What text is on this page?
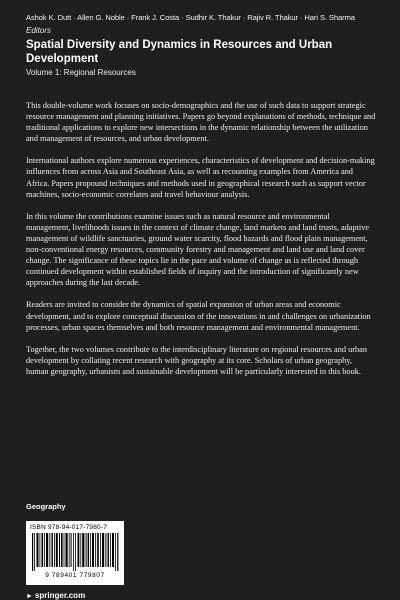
Ashok K. Dutt · Allen G. Noble · Frank J. Costa · Sudhir K. Thakur · Rajiv R. Thakur · Hari S. Sharma
Editors
Spatial Diversity and Dynamics in Resources and Urban Development
Volume 1: Regional Resources

This double-volume work focuses on socio-demographics and the use of such data to support strategic resource management and planning initiatives. Papers go beyond explanations of methods, technique and traditional applications to explore new intersections in the dynamic relationship between the utilization and management of resources, and urban development.

International authors explore numerous experiences, characteristics of development and decision-making influences from across Asia and Southeast Asia, as well as recounting examples from America and Africa. Papers propound techniques and methods used in geographical research such as support vector machines, socio-economic correlates and travel behaviour analysis.

In this volume the contributions examine issues such as natural resource and environmental management, livelihoods issues in the context of climate change, land markets and land trusts, adaptive management of wildlife sanctuaries, ground water scarcity, flood hazards and flood plain management, non-conventional energy resources, community forestry and management and land use and land cover change. The significance of these topics lie in the pace and volume of change as is reflected through continued development within established fields of inquiry and the introduction of significantly new approaches during the last decade.

Readers are invited to consider the dynamics of spatial expansion of urban areas and economic development, and to explore conceptual discussion of the innovations in and challenges on urbanization processes, urban spaces themselves and both resource management and environmental management.

Together, the two volumes contribute to the interdisciplinary literature on regional resources and urban development by collating recent research with geography at its core. Scholars of urban geography, human geography, urbanism and sustainable development will be particularly interested in this book.

Geography
ISBN 978-94-017-7980-7
9 789401 779807
► springer.com
